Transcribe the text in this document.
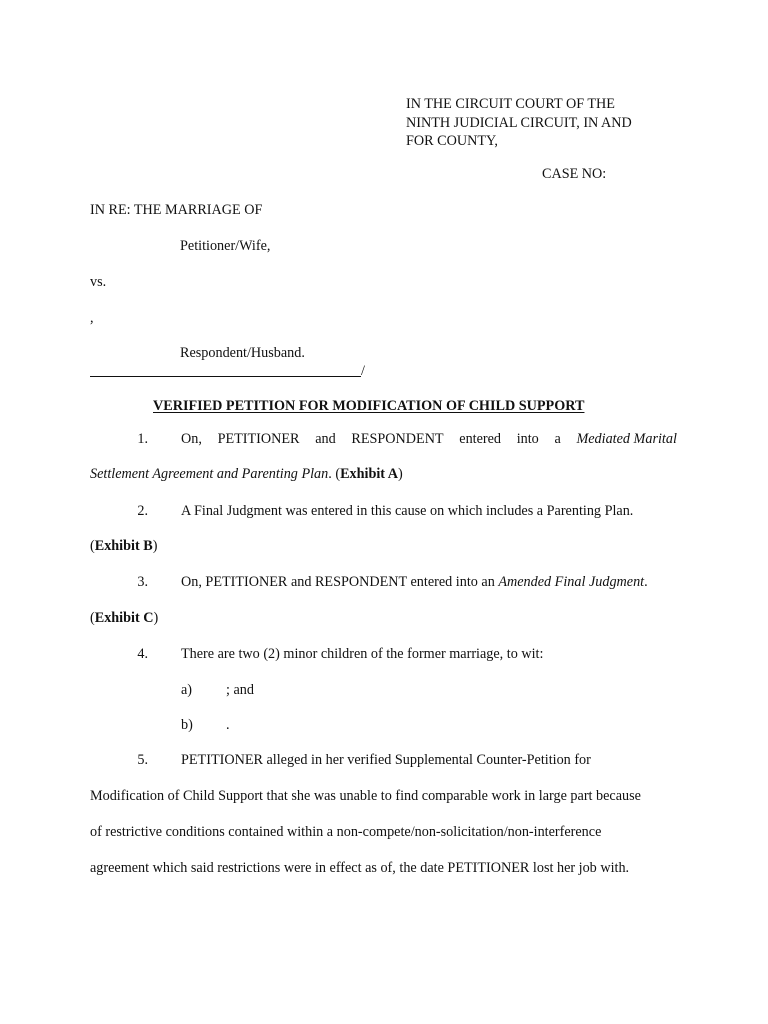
IN THE CIRCUIT COURT OF THE
NINTH JUDICIAL CIRCUIT, IN AND
FOR COUNTY,
CASE NO:
IN RE: THE MARRIAGE OF
Petitioner/Wife,
vs.
,
Respondent/Husband.
/
VERIFIED PETITION FOR MODIFICATION OF CHILD SUPPORT
1. On, PETITIONER and RESPONDENT entered into a Mediated Marital
Settlement Agreement and Parenting Plan. (Exhibit A)
2. A Final Judgment was entered in this cause on which includes a Parenting Plan.
(Exhibit B)
3. On, PETITIONER and RESPONDENT entered into an Amended Final Judgment.
(Exhibit C)
4. There are two (2) minor children of the former marriage, to wit:
a) ; and
b) .
5. PETITIONER alleged in her verified Supplemental Counter-Petition for
Modification of Child Support that she was unable to find comparable work in large part because
of restrictive conditions contained within a non-compete/non-solicitation/non-interference
agreement which said restrictions were in effect as of, the date PETITIONER lost her job with.
